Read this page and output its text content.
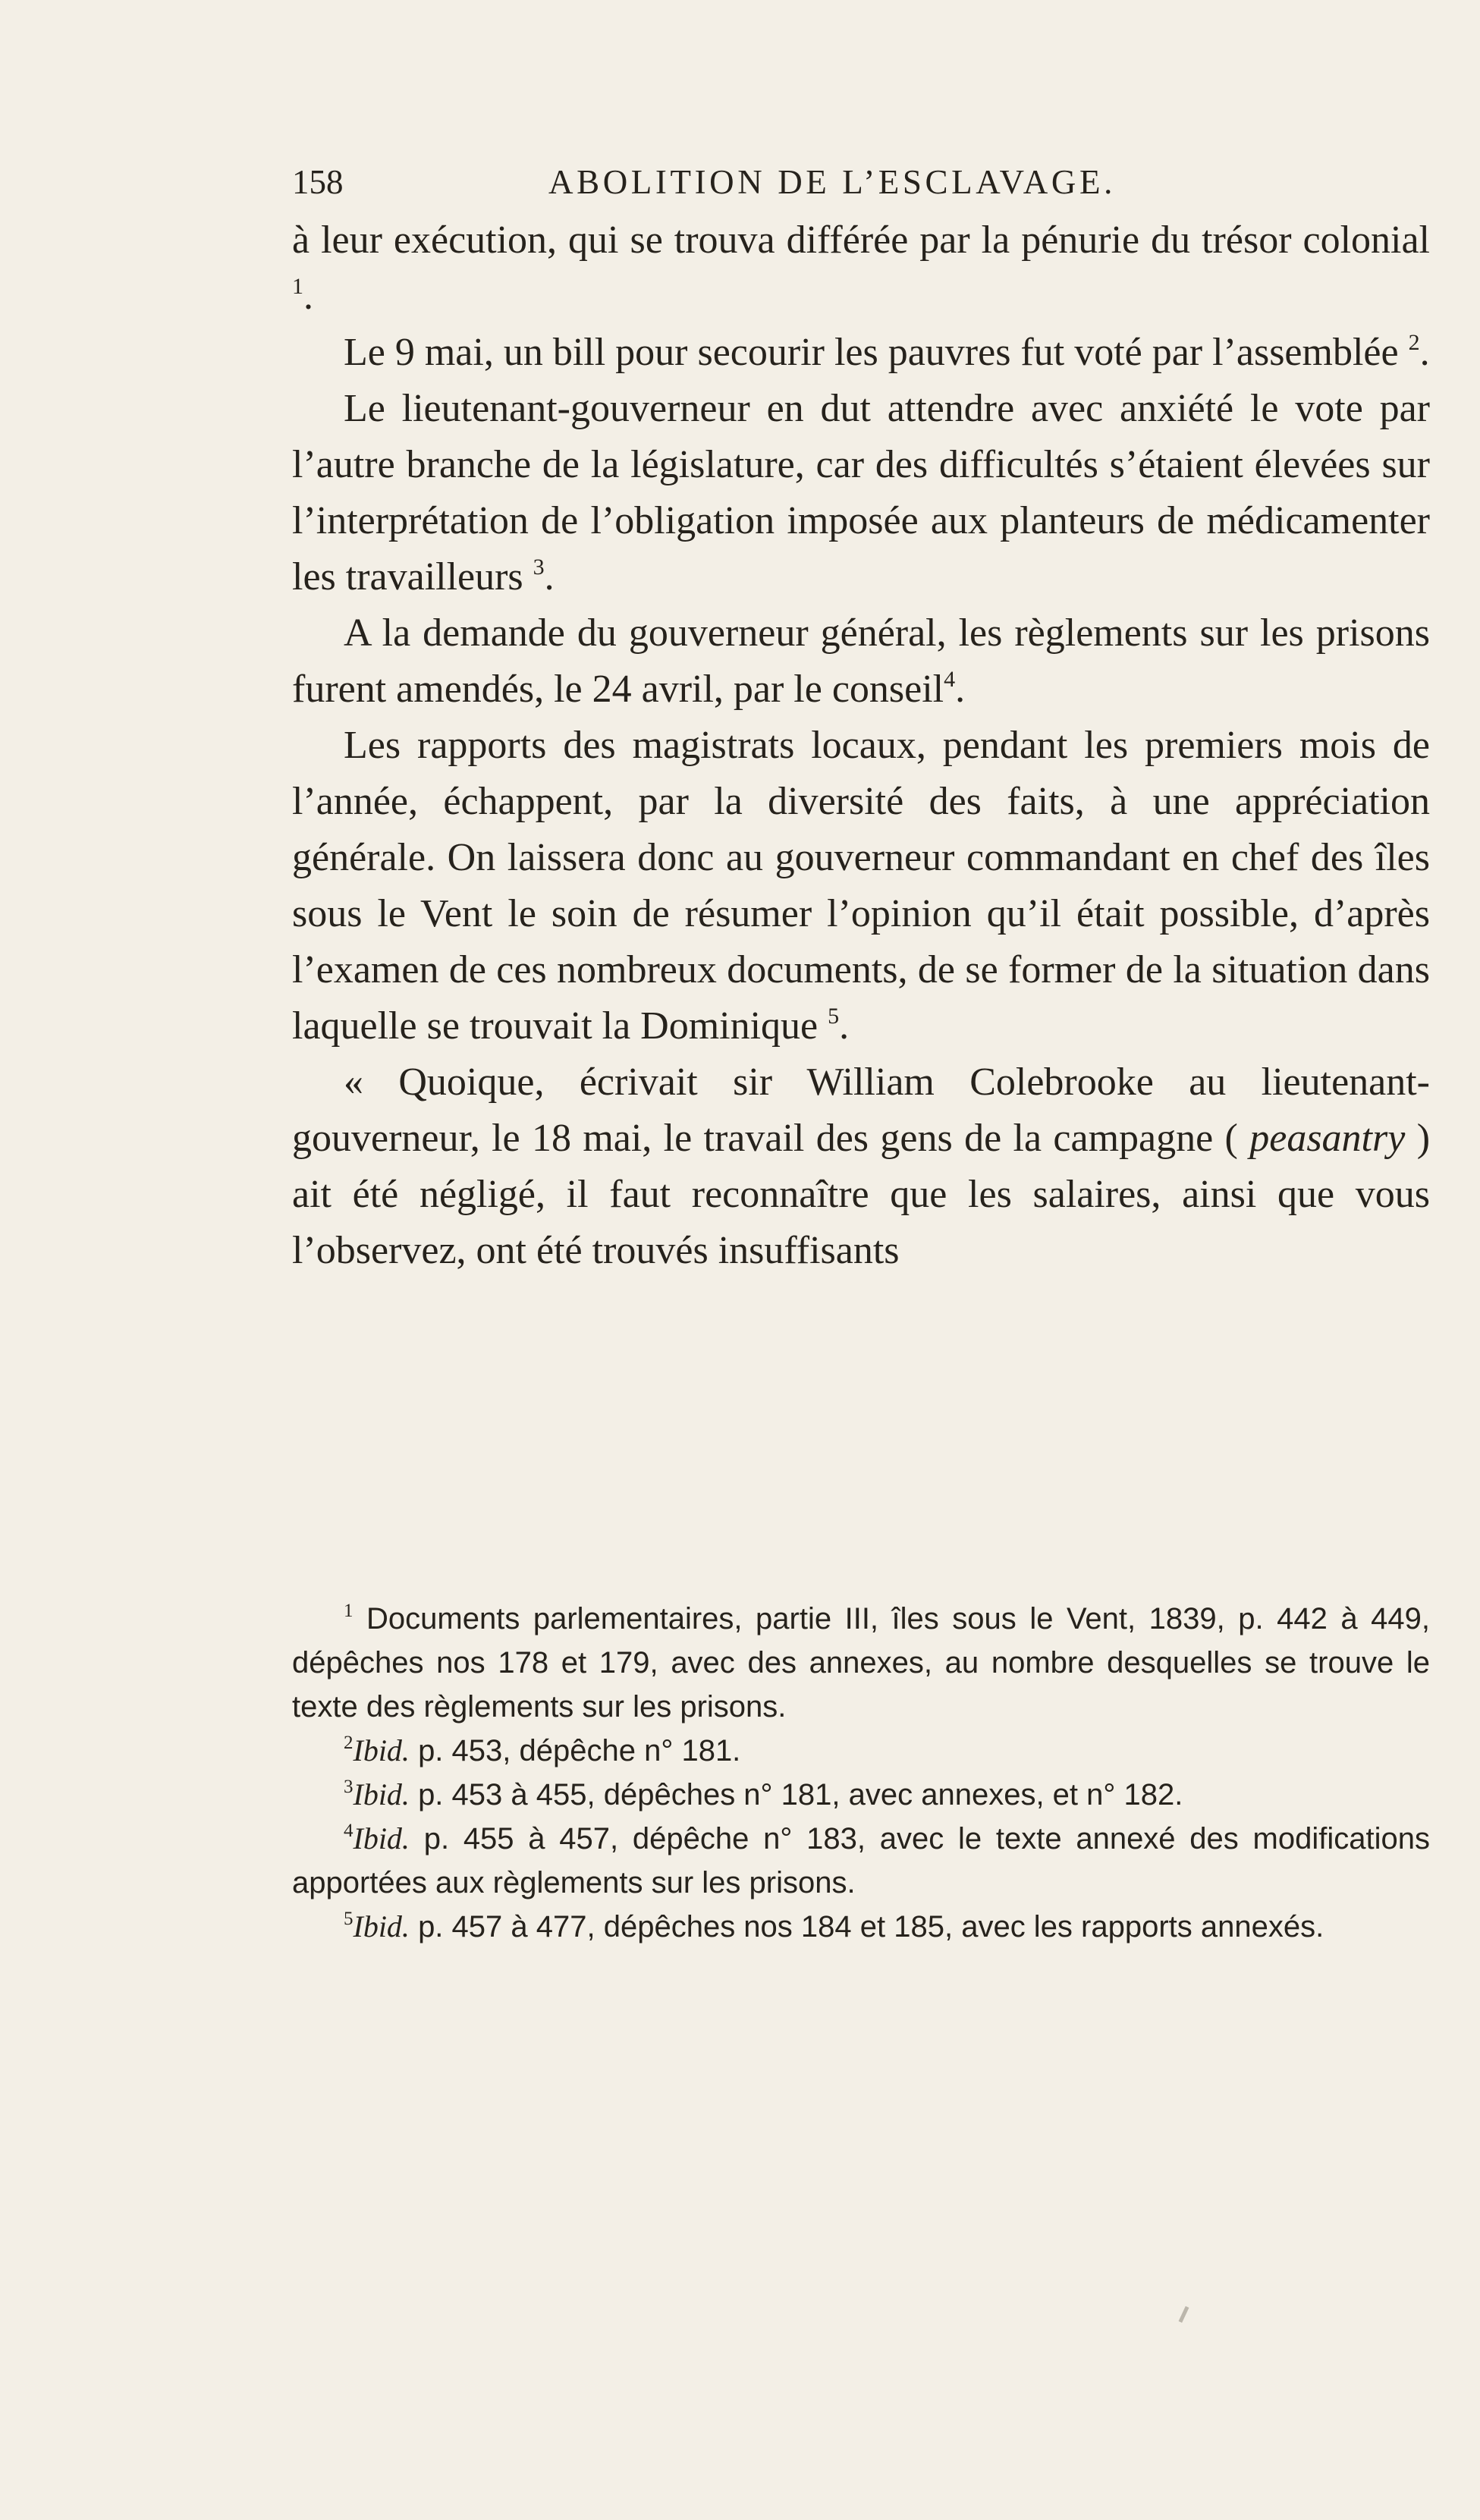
158	ABOLITION DE L’ESCLAVAGE.

à leur exécution, qui se trouva différée par la pénurie du trésor colonial $^1$.

Le 9 mai, un bill pour secourir les pauvres fut voté par l’assemblée $^2$.

Le lieutenant-gouverneur en dut attendre avec anxiété le vote par l’autre branche de la législature, car des difficultés s’étaient élevées sur l’interprétation de l’obligation imposée aux planteurs de médicamenter les travailleurs $^3$.

A la demande du gouverneur général, les règlements sur les prisons furent amendés, le 24 avril, par le conseil$^4$.

Les rapports des magistrats locaux, pendant les premiers mois de l’année, échappent, par la diversité des faits, à une appréciation générale. On laissera donc au gouverneur commandant en chef des îles sous le Vent le soin de résumer l’opinion qu’il était possible, d’après l’examen de ces nombreux documents, de se former de la situation dans laquelle se trouvait la Dominique $^5$.

« Quoique, écrivait sir William Colebrooke au lieutenant-gouverneur, le 18 mai, le travail des gens de la campagne ( peasantry ) ait été négligé, il faut reconnaître que les salaires, ainsi que vous l’observez, ont été trouvés insuffisants

$^1$ Documents parlementaires, partie III, îles sous le Vent, 1839, p. 442 à 449, dépêches nos 178 et 179, avec des annexes, au nombre desquelles se trouve le texte des règlements sur les prisons.

$^2$Ibid. p. 453, dépêche n° 181.

$^3$Ibid. p. 453 à 455, dépêches n° 181, avec annexes, et n° 182.

$^4$Ibid. p. 455 à 457, dépêche n° 183, avec le texte annexé des modifications apportées aux règlements sur les prisons.

$^5$Ibid. p. 457 à 477, dépêches nos 184 et 185, avec les rapports annexés.
